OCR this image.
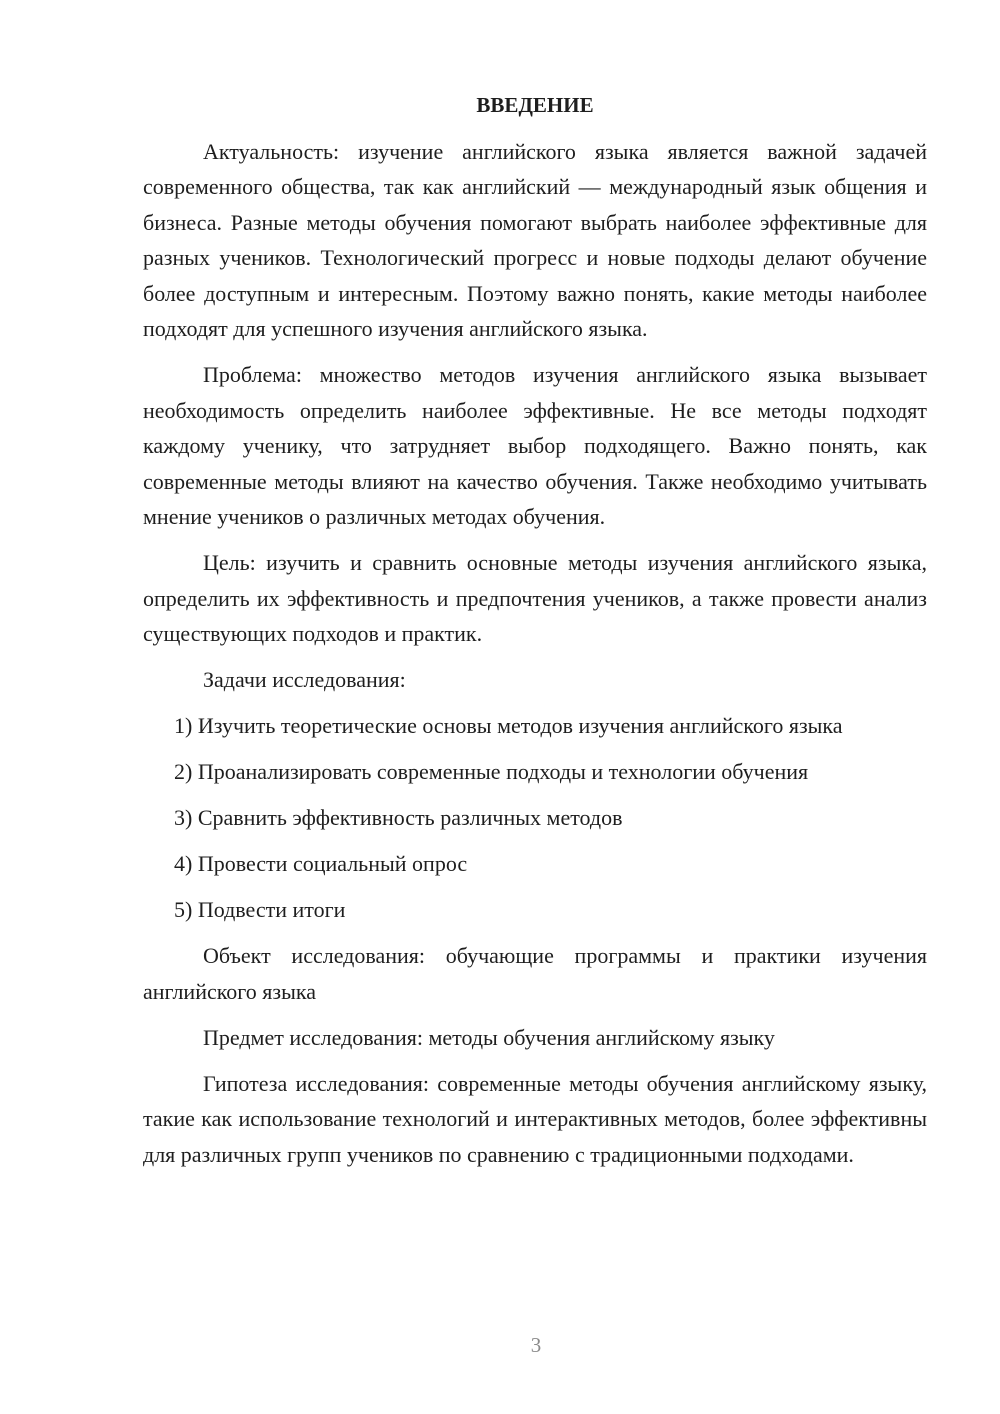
ВВЕДЕНИЕ

Актуальность: изучение английского языка является важной задачей современного общества, так как английский — международный язык общения и бизнеса. Разные методы обучения помогают выбрать наиболее эффективные для разных учеников. Технологический прогресс и новые подходы делают обучение более доступным и интересным. Поэтому важно понять, какие методы наиболее подходят для успешного изучения английского языка.

Проблема: множество методов изучения английского языка вызывает необходимость определить наиболее эффективные. Не все методы подходят каждому ученику, что затрудняет выбор подходящего. Важно понять, как современные методы влияют на качество обучения. Также необходимо учитывать мнение учеников о различных методах обучения.

Цель: изучить и сравнить основные методы изучения английского языка, определить их эффективность и предпочтения учеников, а также провести анализ существующих подходов и практик.

Задачи исследования:

1) Изучить теоретические основы методов изучения английского языка

2) Проанализировать современные подходы и технологии обучения

3) Сравнить эффективность различных методов

4) Провести социальный опрос

5) Подвести итоги

Объект исследования: обучающие программы и практики изучения английского языка

Предмет исследования: методы обучения английскому языку

Гипотеза исследования: современные методы обучения английскому языку, такие как использование технологий и интерактивных методов, более эффективны для различных групп учеников по сравнению с традиционными подходами.

3
